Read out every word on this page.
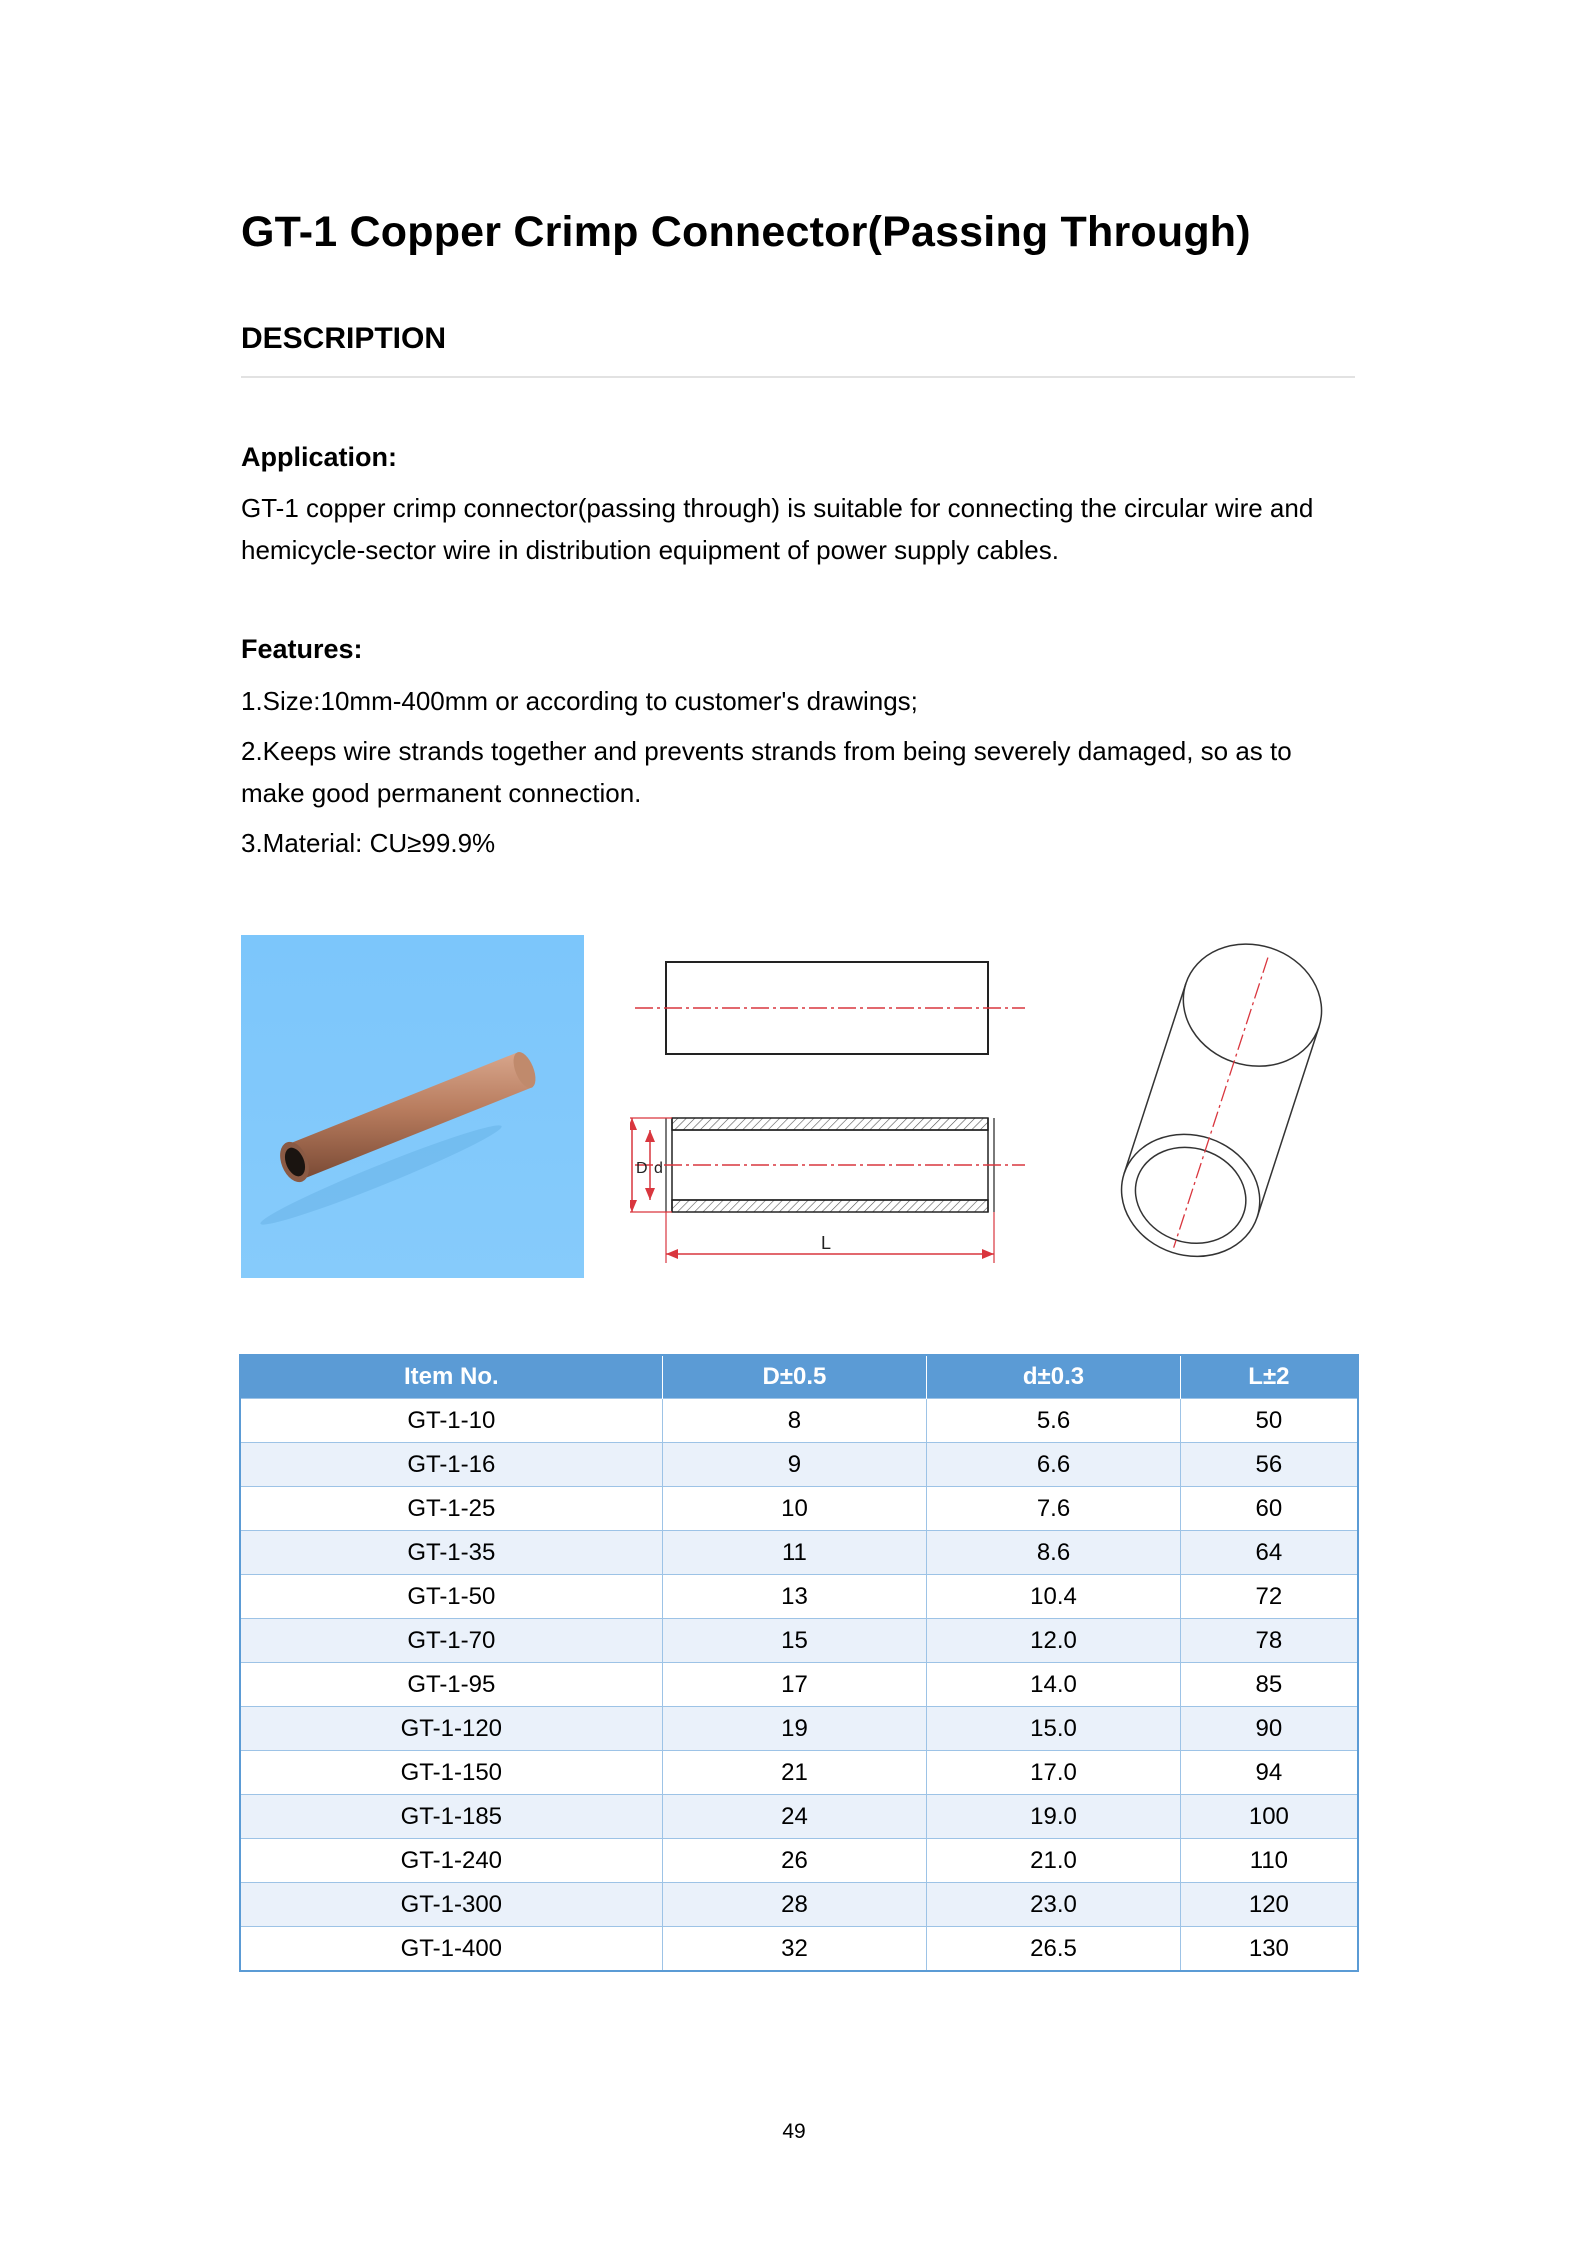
GT-1 Copper Crimp Connector(Passing Through)
DESCRIPTION
Application:

GT-1 copper crimp connector(passing through) is suitable for connecting the circular wire and
hemicycle-sector wire in distribution equipment of power supply cables.

Features:

1.Size:10mm-400mm or according to customer's drawings;

2.Keeps wire strands together and prevents strands from being severely damaged, so as to
make good permanent connection.

3.Material: CU≥99.9%

D d
L
Item No.	D±0.5	d±0.3	L±2
GT-1-10	8	5.6	50
GT-1-16	9	6.6	56
GT-1-25	10	7.6	60
GT-1-35	11	8.6	64
GT-1-50	13	10.4	72
GT-1-70	15	12.0	78
GT-1-95	17	14.0	85
GT-1-120	19	15.0	90
GT-1-150	21	17.0	94
GT-1-185	24	19.0	100
GT-1-240	26	21.0	110
GT-1-300	28	23.0	120
GT-1-400	32	26.5	130
49
